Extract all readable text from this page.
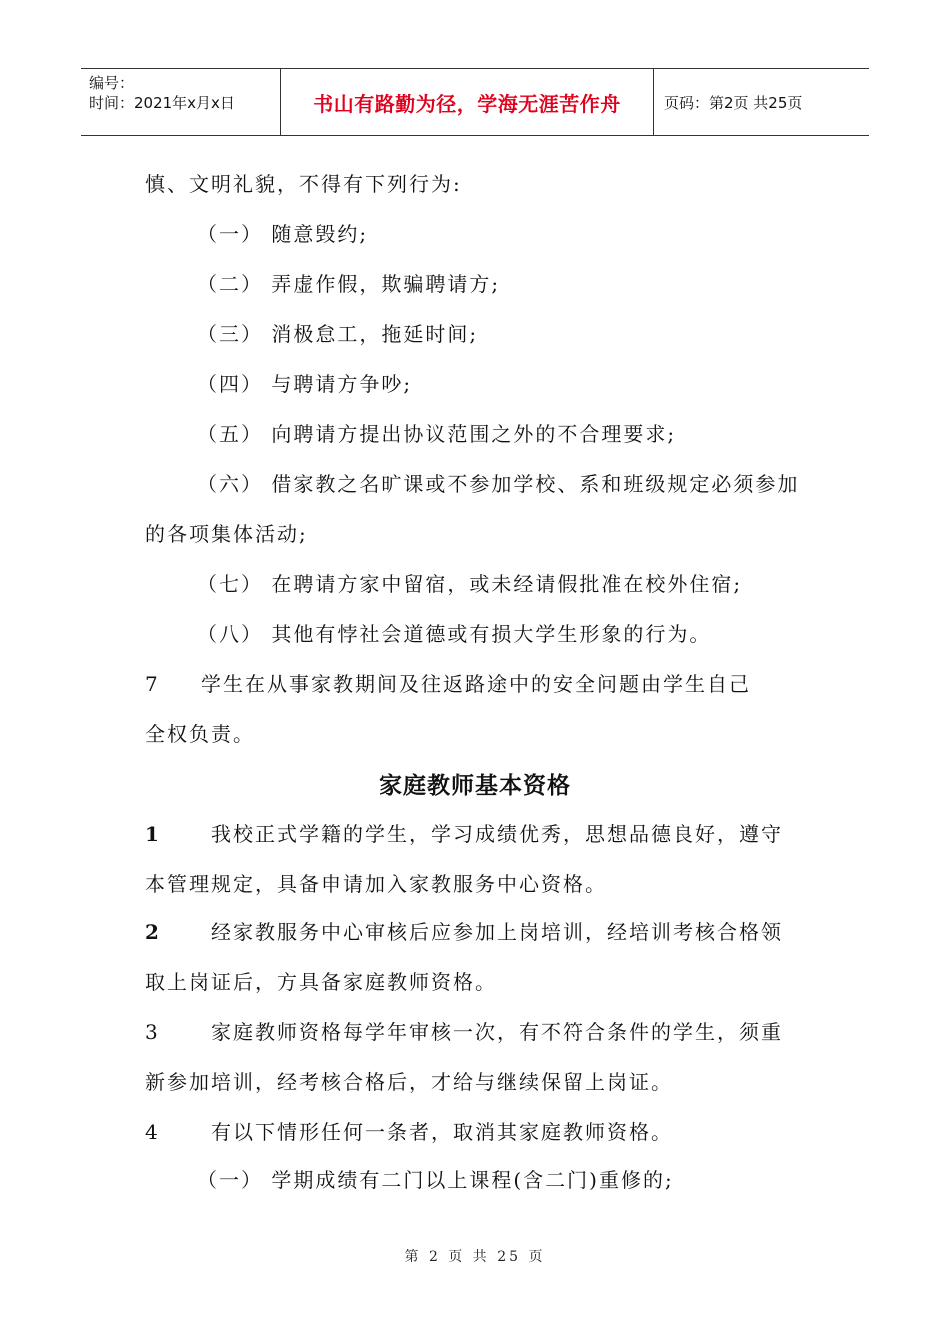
编号：
时间：2021年x月x日	书山有路勤为径，学海无涯苦作舟	页码：第2页 共25页
慎、文明礼貌，不得有下列行为:
（一） 随意毁约;
（二） 弄虚作假，欺骗聘请方;
（三） 消极怠工，拖延时间;
（四） 与聘请方争吵;
（五） 向聘请方提出协议范围之外的不合理要求;
（六） 借家教之名旷课或不参加学校、系和班级规定必须参加
的各项集体活动;
（七） 在聘请方家中留宿，或未经请假批准在校外住宿;
（八） 其他有悖社会道德或有损大学生形象的行为。
7 学生在从事家教期间及往返路途中的安全问题由学生自己
全权负责。
家庭教师基本资格
1	我校正式学籍的学生，学习成绩优秀，思想品德良好，遵守
本管理规定，具备申请加入家教服务中心资格。
2	经家教服务中心审核后应参加上岗培训，经培训考核合格领
取上岗证后，方具备家庭教师资格。
3	家庭教师资格每学年审核一次，有不符合条件的学生，须重
新参加培训，经考核合格后，才给与继续保留上岗证。
4	有以下情形任何一条者，取消其家庭教师资格。
（一） 学期成绩有二门以上课程(含二门)重修的;
第 2 页 共 25 页
